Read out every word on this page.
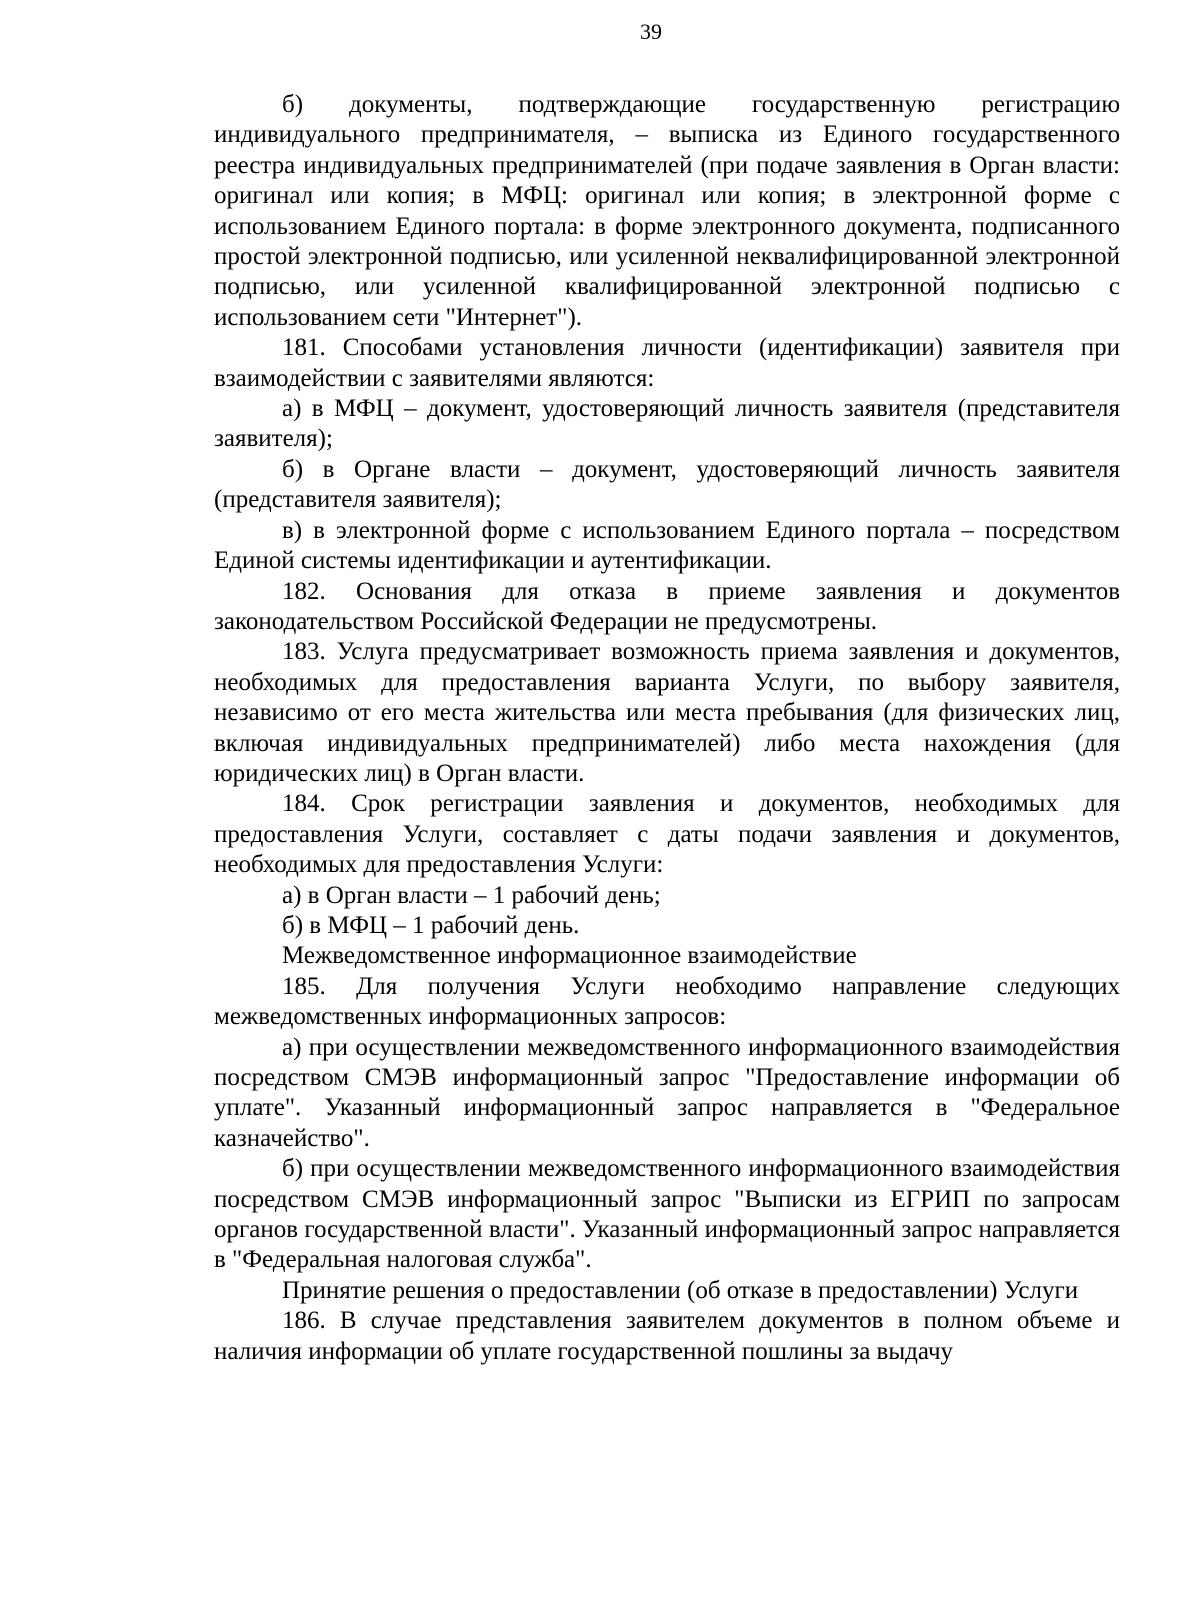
39

б) документы, подтверждающие государственную регистрацию индивидуального предпринимателя, – выписка из Единого государственного реестра индивидуальных предпринимателей (при подаче заявления в Орган власти: оригинал или копия; в МФЦ: оригинал или копия; в электронной форме с использованием Единого портала: в форме электронного документа, подписанного простой электронной подписью, или усиленной неквалифицированной электронной подписью, или усиленной квалифицированной электронной подписью с использованием сети "Интернет").

181. Способами установления личности (идентификации) заявителя при взаимодействии с заявителями являются:

а) в МФЦ – документ, удостоверяющий личность заявителя (представителя заявителя);

б) в Органе власти – документ, удостоверяющий личность заявителя (представителя заявителя);

в) в электронной форме с использованием Единого портала – посредством Единой системы идентификации и аутентификации.

182. Основания для отказа в приеме заявления и документов законодательством Российской Федерации не предусмотрены.

183. Услуга предусматривает возможность приема заявления и документов, необходимых для предоставления варианта Услуги, по выбору заявителя, независимо от его места жительства или места пребывания (для физических лиц, включая индивидуальных предпринимателей) либо места нахождения (для юридических лиц) в Орган власти.

184. Срок регистрации заявления и документов, необходимых для предоставления Услуги, составляет с даты подачи заявления и документов, необходимых для предоставления Услуги:

а) в Орган власти – 1 рабочий день;

б) в МФЦ – 1 рабочий день.

Межведомственное информационное взаимодействие

185. Для получения Услуги необходимо направление следующих межведомственных информационных запросов:

а) при осуществлении межведомственного информационного взаимодействия посредством СМЭВ информационный запрос "Предоставление информации об уплате". Указанный информационный запрос направляется в "Федеральное казначейство".

б) при осуществлении межведомственного информационного взаимодействия посредством СМЭВ информационный запрос "Выписки из ЕГРИП по запросам органов государственной власти". Указанный информационный запрос направляется в "Федеральная налоговая служба".

Принятие решения о предоставлении (об отказе в предоставлении) Услуги

186. В случае представления заявителем документов в полном объеме и наличия информации об уплате государственной пошлины за выдачу
